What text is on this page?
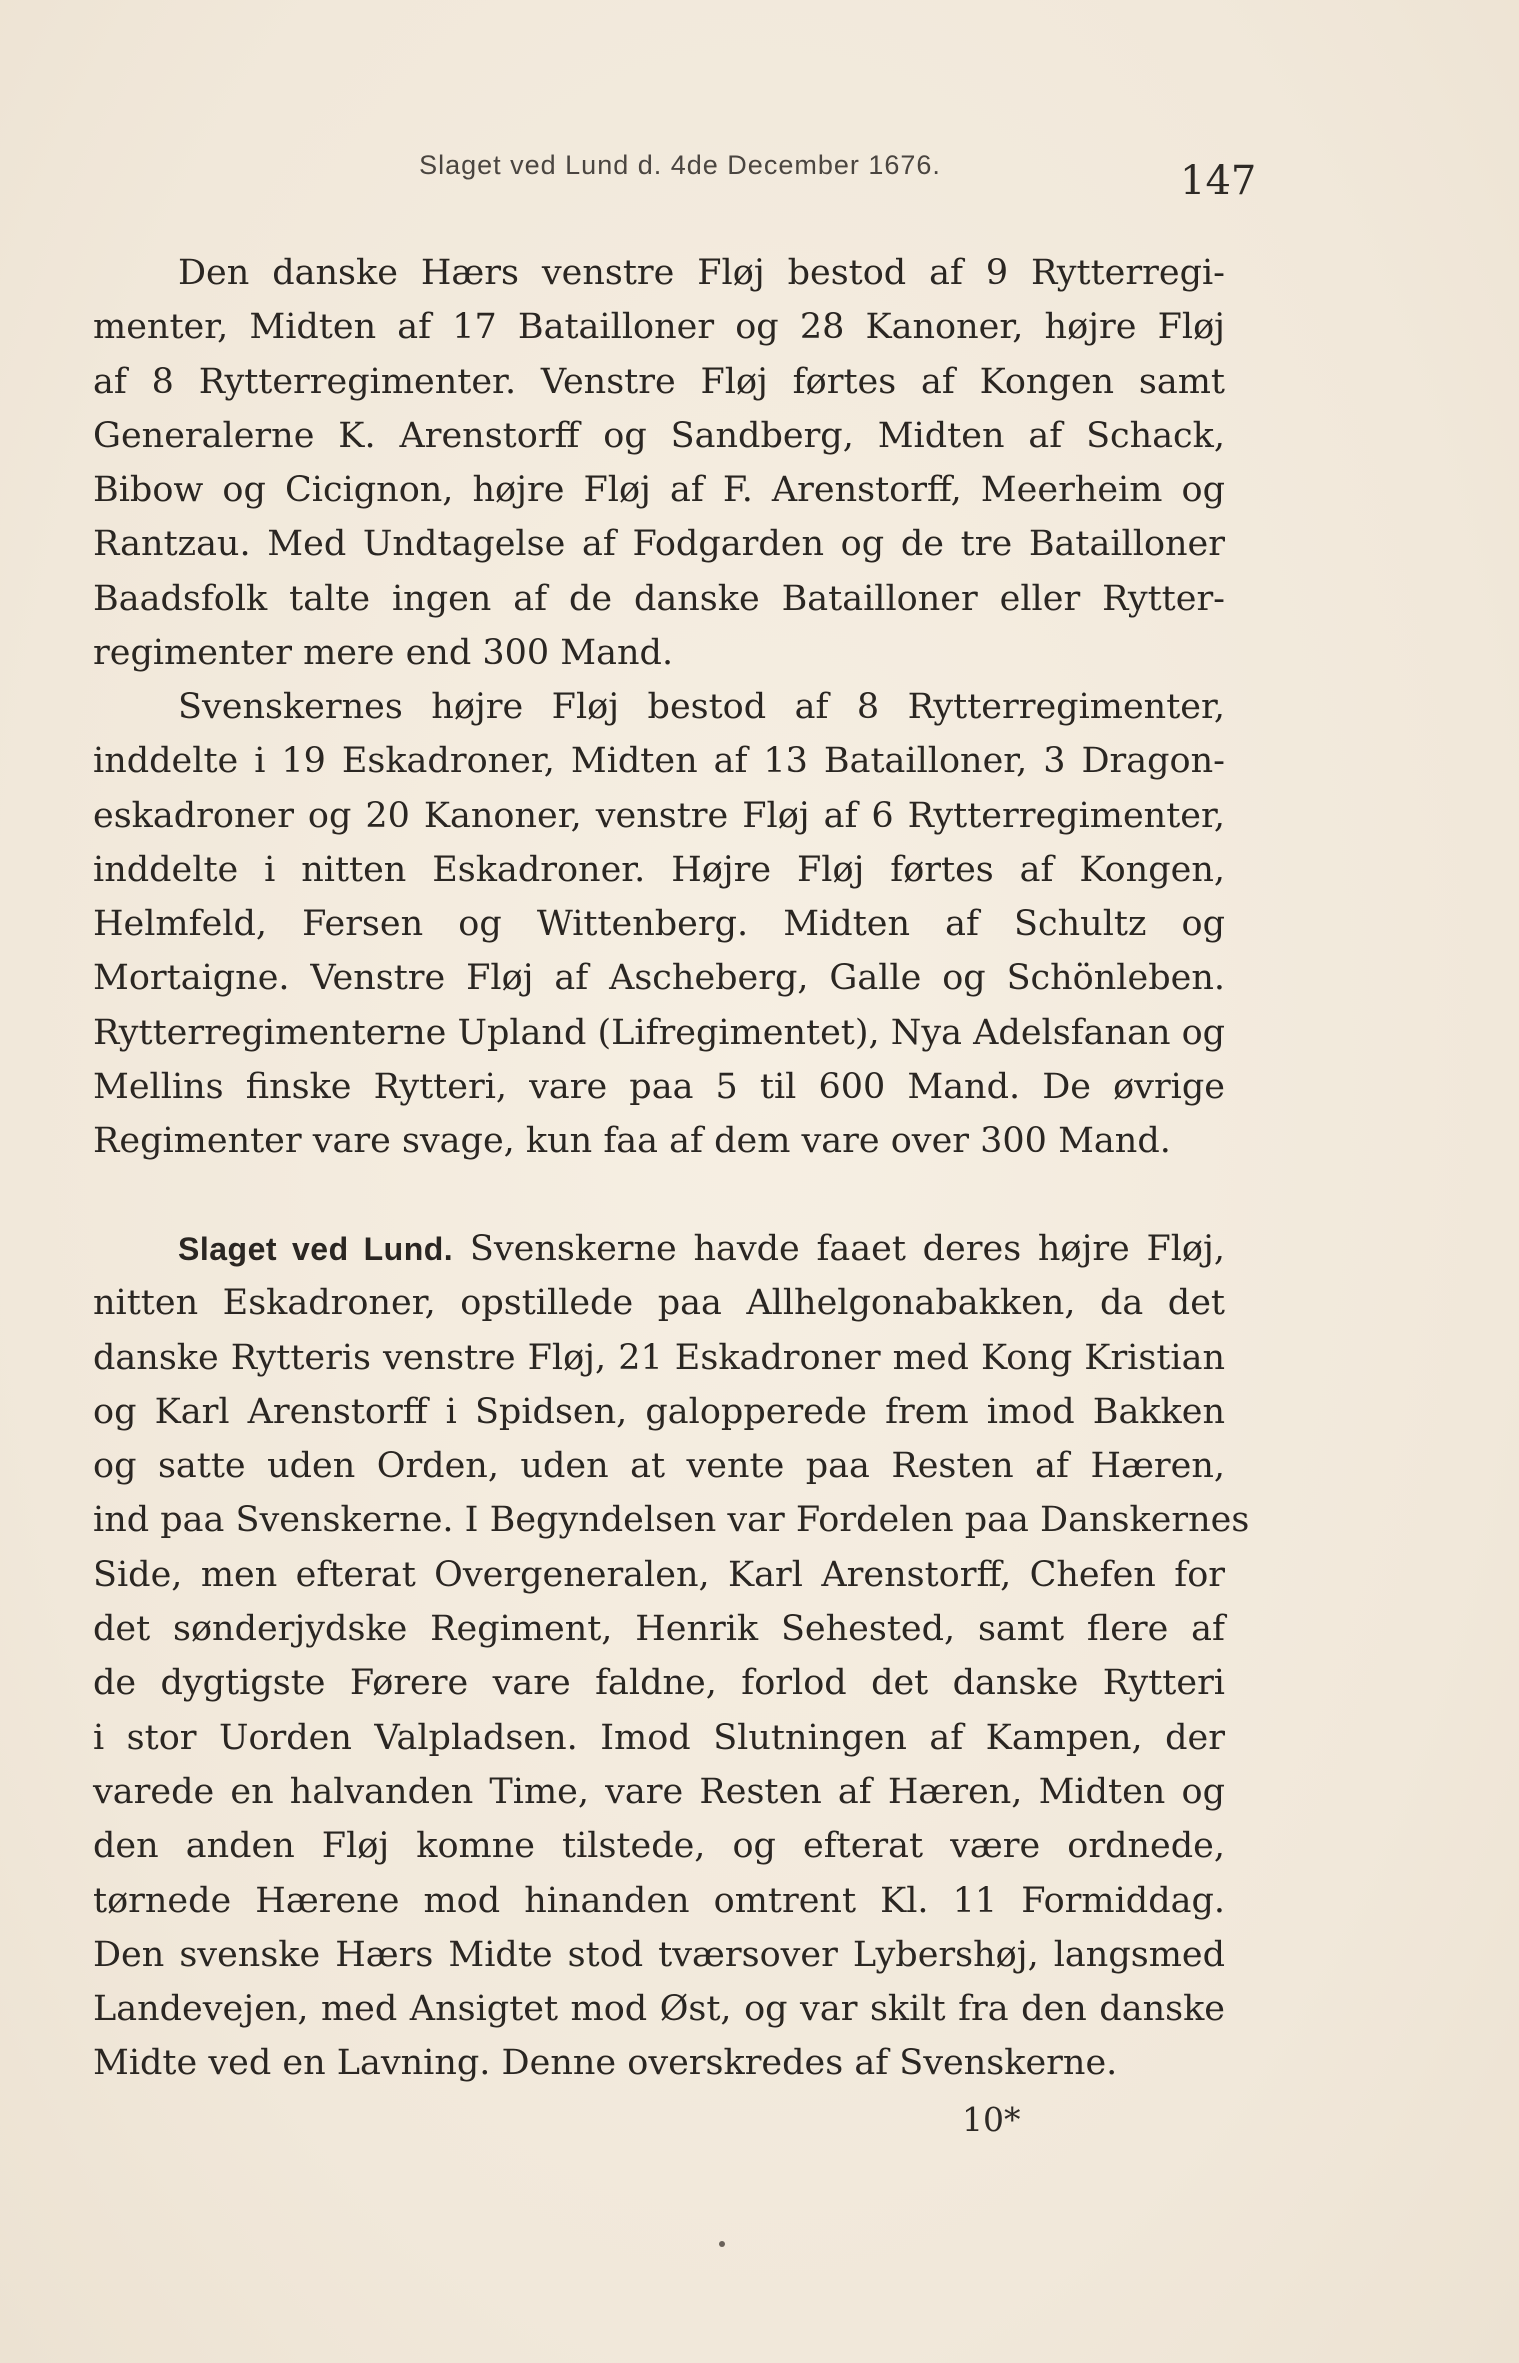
Slaget ved Lund d. 4de December 1676.	147
Den danske Hærs venstre Fløj bestod af 9 Rytterregi-
menter, Midten af 17 Bataillоner og 28 Kanoner, højre Fløj
af 8 Rytterregimenter. Venstre Fløj førtes af Kongen samt
Generalerne K. Arenstorff og Sandberg, Midten af Schack,
Bibow og Cicignon, højre Fløj af F. Arenstorff, Meerheim og
Rantzau. Med Undtagelse af Fodgarden og de tre Batailloner
Baadsfolk talte ingen af de danske Batailloner eller Rytter-
regimenter mere end 300 Mand.
Svenskernes højre Fløj bestod af 8 Rytterregimenter,
inddelte i 19 Eskadroner, Midten af 13 Batailloner, 3 Dragon-
eskadroner og 20 Kanoner, venstre Fløj af 6 Rytterregimenter,
inddelte i nitten Eskadroner. Højre Fløj førtes af Kongen,
Helmfeld, Fersen og Wittenberg. Midten af Schultz og
Mortaigne. Venstre Fløj af Ascheberg, Galle og Schönleben.
Rytterregimenterne Upland (Lifregimentet), Nya Adelsfanan og
Mellins finske Rytteri, vare paa 5 til 600 Mand. De øvrige
Regimenter vare svage, kun faa af dem vare over 300 Mand.
Slaget ved Lund. Svenskerne havde faaet deres højre Fløj,
nitten Eskadroner, opstillede paa Allhelgonabakken, da det
danske Rytteris venstre Fløj, 21 Eskadroner med Kong Kristian
og Karl Arenstorff i Spidsen, galopperede frem imod Bakken
og satte uden Orden, uden at vente paa Resten af Hæren,
ind paa Svenskerne. I Begyndelsen var Fordelen paa Danskernes
Side, men efterat Overgeneralen, Karl Arenstorff, Chefen for
det sønderjydske Regiment, Henrik Sehested, samt flere af
de dygtigste Førere vare faldne, forlod det danske Rytteri
i stor Uorden Valpladsen. Imod Slutningen af Kampen, der
varede en halvanden Time, vare Resten af Hæren, Midten og
den anden Fløj komne tilstede, og efterat være ordnede,
tørnede Hærene mod hinanden omtrent Kl. 11 Formiddag.
Den svenske Hærs Midte stod tværsover Lybershøj, langsmed
Landevejen, med Ansigtet mod Øst, og var skilt fra den danske
Midte ved en Lavning. Denne overskredes af Svenskerne.
10*
